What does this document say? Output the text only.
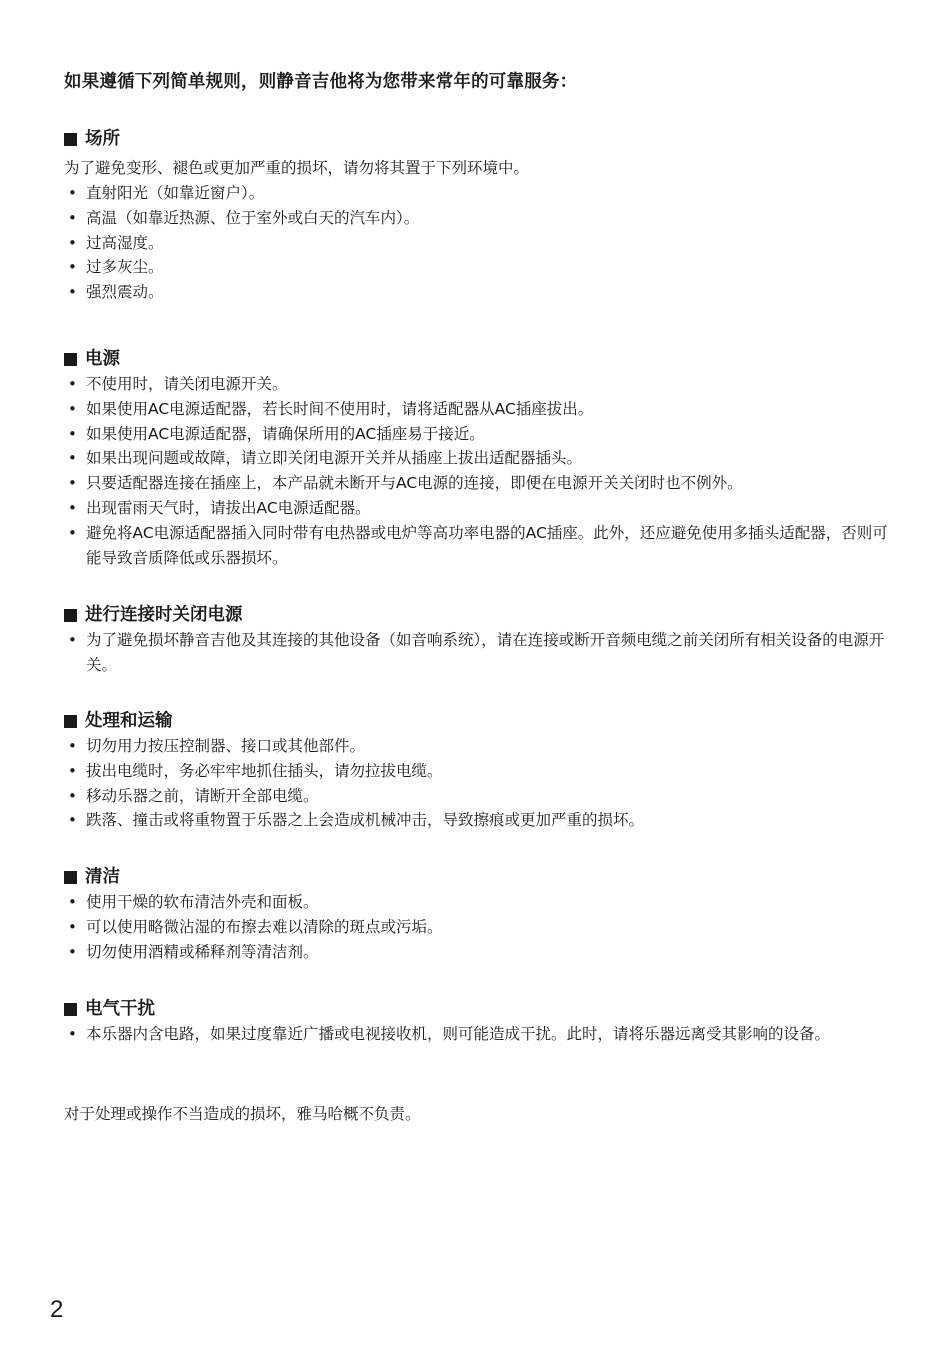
如果遵循下列简单规则，则静音吉他将为您带来常年的可靠服务：
场所
为了避免变形、褪色或更加严重的损坏，请勿将其置于下列环境中。
• 直射阳光（如靠近窗户）。
• 高温（如靠近热源、位于室外或白天的汽车内）。
• 过高湿度。
• 过多灰尘。
• 强烈震动。
电源
• 不使用时，请关闭电源开关。
• 如果使用AC电源适配器，若长时间不使用时，请将适配器从AC插座拔出。
• 如果使用AC电源适配器，请确保所用的AC插座易于接近。
• 如果出现问题或故障，请立即关闭电源开关并从插座上拔出适配器插头。
• 只要适配器连接在插座上，本产品就未断开与AC电源的连接，即便在电源开关关闭时也不例外。
• 出现雷雨天气时，请拔出AC电源适配器。
• 避免将AC电源适配器插入同时带有电热器或电炉等高功率电器的AC插座。此外，还应避免使用多插头适配器，否则可能导致音质降低或乐器损坏。
进行连接时关闭电源
• 为了避免损坏静音吉他及其连接的其他设备（如音响系统），请在连接或断开音频电缆之前关闭所有相关设备的电源开关。
处理和运输
• 切勿用力按压控制器、接口或其他部件。
• 拔出电缆时，务必牢牢地抓住插头，请勿拉拔电缆。
• 移动乐器之前，请断开全部电缆。
• 跌落、撞击或将重物置于乐器之上会造成机械冲击，导致擦痕或更加严重的损坏。
清洁
• 使用干燥的软布清洁外壳和面板。
• 可以使用略微沾湿的布擦去难以清除的斑点或污垢。
• 切勿使用酒精或稀释剂等清洁剂。
电气干扰
• 本乐器内含电路，如果过度靠近广播或电视接收机，则可能造成干扰。此时，请将乐器远离受其影响的设备。
对于处理或操作不当造成的损坏，雅马哈概不负责。
2
